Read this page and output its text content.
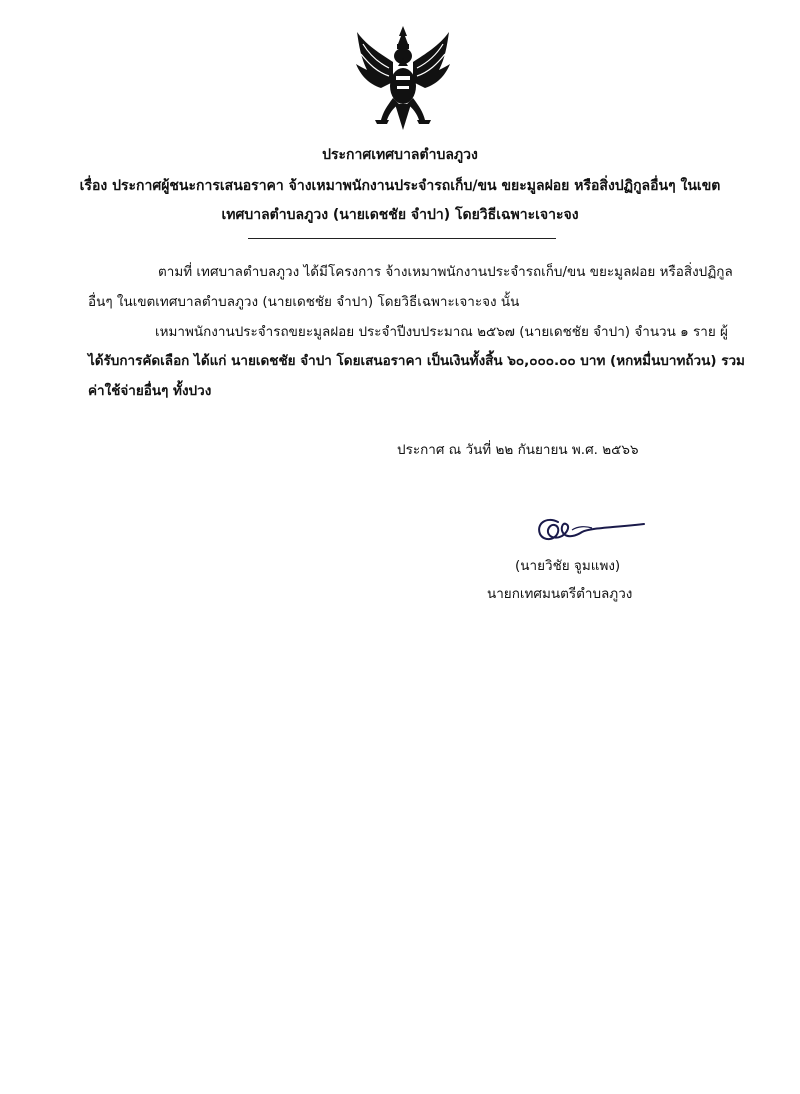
ประกาศเทศบาลตำบลภูวง
เรื่อง ประกาศผู้ชนะการเสนอราคา จ้างเหมาพนักงานประจำรถเก็บ/ขน ขยะมูลฝอย หรือสิ่งปฏิกูลอื่นๆ ในเขต
เทศบาลตำบลภูวง (นายเดชชัย จำปา) โดยวิธีเฉพาะเจาะจง
ตามที่ เทศบาลตำบลภูวง ได้มีโครงการ จ้างเหมาพนักงานประจำรถเก็บ/ขน ขยะมูลฝอย หรือสิ่งปฏิกูล
อื่นๆ ในเขตเทศบาลตำบลภูวง (นายเดชชัย จำปา) โดยวิธีเฉพาะเจาะจง นั้น
เหมาพนักงานประจำรถขยะมูลฝอย ประจำปีงบประมาณ ๒๕๖๗ (นายเดชชัย จำปา) จำนวน ๑ ราย ผู้
ได้รับการคัดเลือก ได้แก่ นายเดชชัย จำปา โดยเสนอราคา เป็นเงินทั้งสิ้น ๖๐,๐๐๐.๐๐ บาท (หกหมื่นบาทถ้วน) รวม
ค่าใช้จ่ายอื่นๆ ทั้งปวง
ประกาศ ณ วันที่ ๒๒ กันยายน พ.ศ. ๒๕๖๖
(นายวิชัย จูมแพง)
นายกเทศมนตรีตำบลภูวง
